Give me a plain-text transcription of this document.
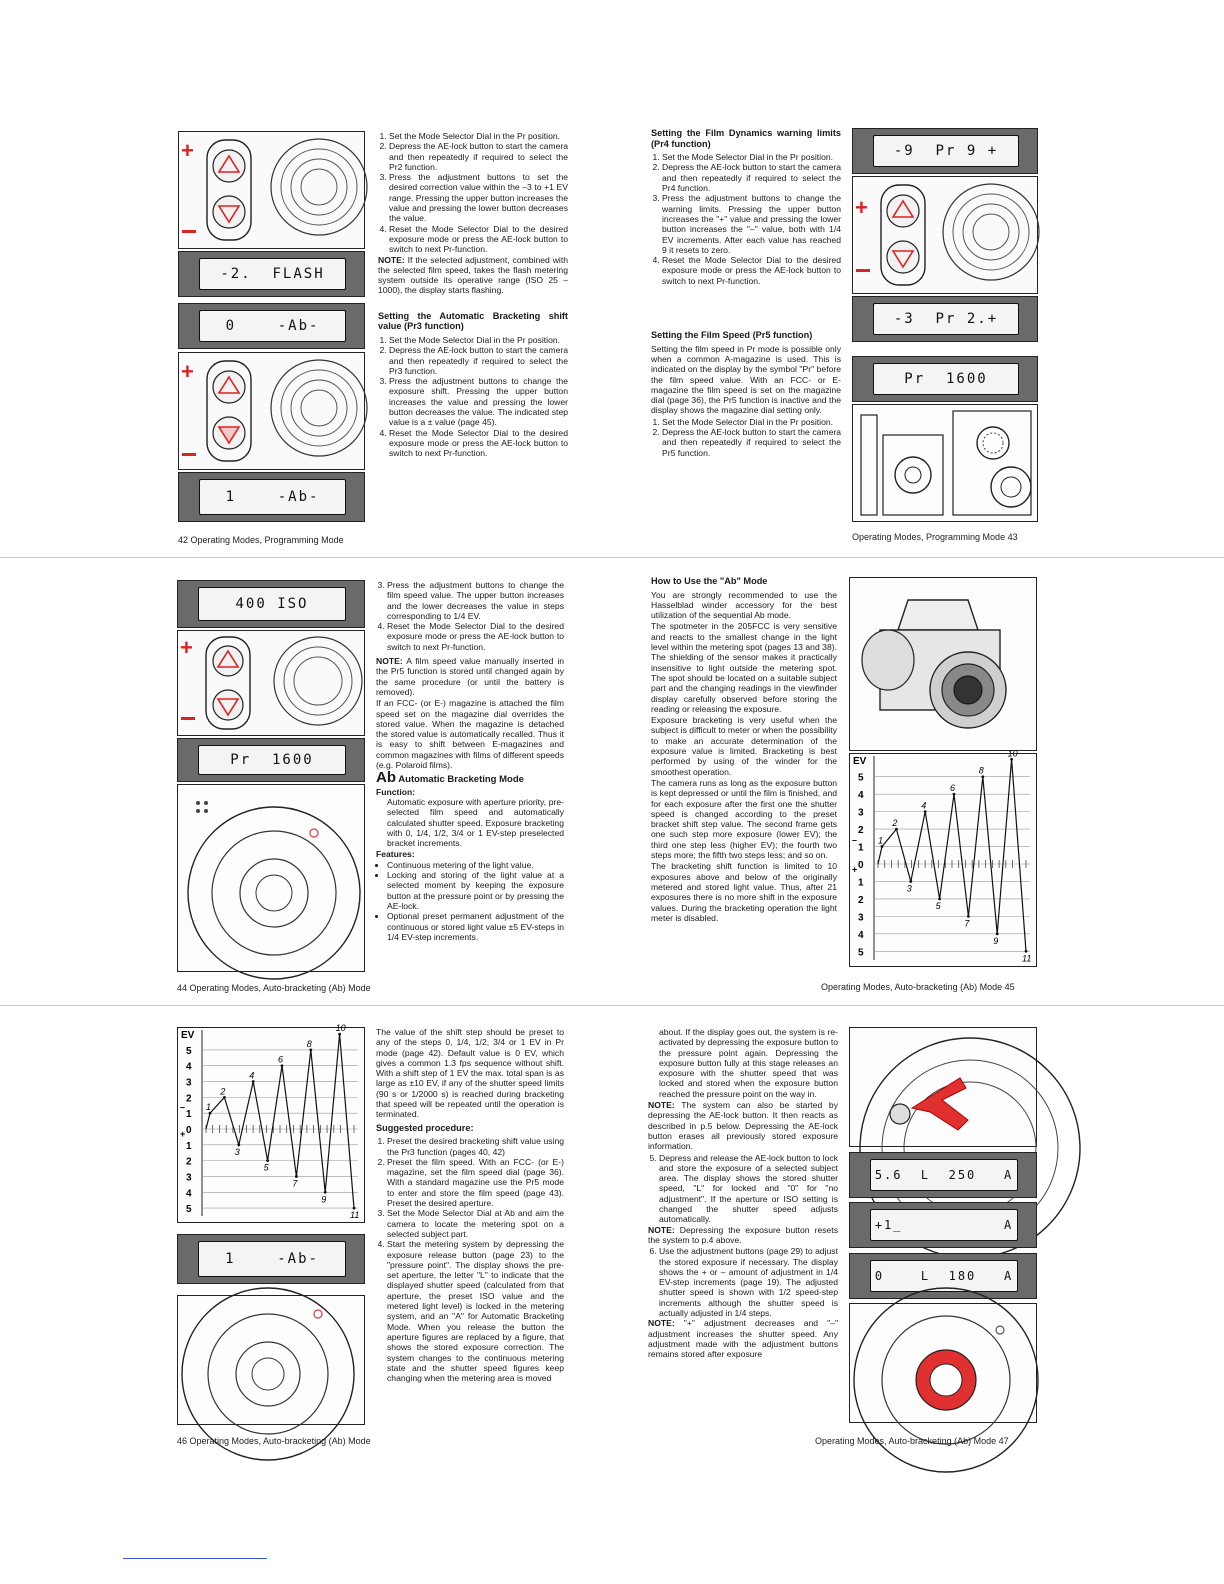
+
-2.  FLASH
0    -Ab-
+
1    -Ab-
1. Set the Mode Selector Dial in the Pr position.
2. Depress the AE-lock button to start the camera and then repeatedly if required to select the Pr2 function.
3. Press the adjustment buttons to set the desired correction value within the –3 to +1 EV range. Pressing the upper button increases the value and pressing the lower button decreases the value.
4. Reset the Mode Selector Dial to the desired exposure mode or press the AE-lock button to switch to next Pr-function.

NOTE: If the selected adjustment, combined with the selected film speed, takes the flash metering system outside its operative range (ISO 25 – 1000), the display starts flashing.

Setting the Automatic Bracketing shift value (Pr3 function)
1. Set the Mode Selector Dial in the Pr position.
2. Depress the AE-lock button to start the camera and then repeatedly if required to select the Pr3 function.
3. Press the adjustment buttons to change the exposure shift. Pressing the upper button increases the value and pressing the lower button decreases the value. The indicated step value is a ± value (page 45).
4. Reset the Mode Selector Dial to the desired exposure mode or press the AE-lock button to switch to next Pr-function.
42 Operating Modes, Programming Mode
Setting the Film Dynamics warning limits (Pr4 function)
1. Set the Mode Selector Dial in the Pr position.
2. Depress the AE-lock button to start the camera and then repeatedly if required to select the Pr4 function.
3. Press the adjustment buttons to change the warning limits. Pressing the upper button increases the "+" value and pressing the lower button increases the "–" value, both with 1/4 EV increments. After each value has reached 9 it resets to zero.
4. Reset the Mode Selector Dial to the desired exposure mode or press the AE-lock button to switch to next Pr-function.
Setting the Film Speed (Pr5 function)

Setting the film speed in Pr mode is possible only when a common A-magazine is used. This is indicated on the display by the symbol "Pr" before the film speed value. With an FCC- or E-magazine the film speed is set on the magazine dial (page 36), the Pr5 function is inactive and the display shows the magazine dial setting only.

1. Set the Mode Selector Dial in the Pr position.
2. Depress the AE-lock button to start the camera and then repeatedly if required to select the Pr5 function.
-9  Pr 9 +
+
-3  Pr 2.+
Pr  1600
Operating Modes, Programming Mode 43
400 ISO
+
Pr  1600
3. Press the adjustment buttons to change the film speed value. The upper button increases and the lower decreases the value in steps corresponding to 1/4 EV.
4. Reset the Mode Selector Dial to the desired exposure mode or press the AE-lock button to switch to next Pr-function.

NOTE: A film speed value manually inserted in the Pr5 function is stored until changed again by the same procedure (or until the battery is removed).

If an FCC- (or E-) magazine is attached the film speed set on the magazine dial overrides the stored value. When the magazine is detached the stored value is automatically recalled. Thus it is easy to shift between E-magazines and common magazines with films of different speeds (e.g. Polaroid films).

Ab Automatic Bracketing Mode
Function:

Automatic exposure with aperture priority, pre-selected film speed and automatically calculated shutter speed. Exposure bracketing with 0, 1/4, 1/2, 3/4 or 1 EV-step preselected bracket increments.

Features:
• Continuous metering of the light value.
• Locking and storing of the light value at a selected moment by keeping the exposure button at the pressure point or by pressing the AE-lock.
• Optional preset permanent adjustment of the continuous or stored light value ±5 EV-steps in 1/4 EV-step increments.
44 Operating Modes, Auto-bracketing (Ab) Mode
How to Use the "Ab" Mode

You are strongly recommended to use the Hasselblad winder accessory for the best utilization of the sequential Ab mode.

The spotmeter in the 205FCC is very sensitive and reacts to the smallest change in the light level within the metering spot (pages 13 and 38). The shielding of the sensor makes it practically insensitive to light outside the metering spot. The spot should be located on a suitable subject part and the changing readings in the viewfinder display carefully observed before storing the reading or releasing the exposure.

Exposure bracketing is very useful when the subject is difficult to meter or when the possibility to make an accurate determination of the exposure value is limited. Bracketing is best performed by using of the winder for the smoothest operation.

The camera runs as long as the exposure button is kept depressed or until the film is finished, and for each exposure after the first one the shutter speed is changed according to the preset bracket shift step value. The second frame gets one such step more exposure (lower EV); the third one step less (higher EV); the fourth two steps more; the fifth two steps less; and so on.

The bracketing shift function is limited to 10 exposures above and below of the originally metered and stored light value. Thus, after 21 exposures there is no more shift in the exposure values. During the bracketing operation the light meter is disabled.

EV
5
4
3
2
1
0
1
2
3
4
5
–
+
1
2
3
4
5
6
7
8
9
10
11
Operating Modes, Auto-bracketing (Ab) Mode 45
EV
5
4
3
2
1
0
1
2
3
4
5
–
+
1
2
3
4
5
6
7
8
9
10
11
1    -Ab-

The value of the shift step should be preset to any of the steps 0, 1/4, 1/2, 3/4 or 1 EV in Pr mode (page 42). Default value is 0 EV, which gives a common 1.3 fps sequence without shift. With a shift step of 1 EV the max. total span is as large as ±10 EV, if any of the shutter speed limits (90 s or 1/2000 s) is reached during bracketing that speed will be repeated until the operation is terminated.

Suggested procedure:
1. Preset the desired bracketing shift value using the Pr3 function (pages 40, 42)
2. Preset the film speed. With an FCC- (or E-) magazine, set the film speed dial (page 36). With a standard magazine use the Pr5 mode to enter and store the film speed (page 43). Preset the desired aperture.
3. Set the Mode Selector Dial at Ab and aim the camera to locate the metering spot on a selected subject part.
4. Start the metering system by depressing the exposure release button (page 23) to the "pressure point". The display shows the pre-set aperture, the letter "L" to indicate that the displayed shutter speed (calculated from that aperture, the preset ISO value and the metered light level) is locked in the metering system, and an "A" for Automatic Bracketing Mode. When you release the button the aperture figures are replaced by a figure, that shows the stored exposure correction. The system changes to the continuous metering state and the shutter speed figures keep changing when the metering area is moved
46 Operating Modes, Auto-bracketing (Ab) Mode

about. If the display goes out, the system is re-activated by depressing the exposure button to the pressure point again. Depressing the exposure button fully at this stage releases an exposure with the shutter speed that was locked and stored when the exposure button reached the pressure point on the way in.

NOTE: The system can also be started by depressing the AE-lock button. It then reacts as described in p.5 below. Depressing the AE-lock button erases all previously stored exposure information.

5. Depress and release the AE-lock button to lock and store the exposure of a selected subject area. The display shows the stored shutter speed, "L" for locked and "0" for "no adjustment". If the aperture or ISO setting is changed the shutter speed adjusts automatically.

NOTE: Depressing the exposure button resets the system to p.4 above.

6. Use the adjustment buttons (page 29) to adjust the stored exposure if necessary. The display shows the + or – amount of adjustment in 1/4 EV-step increments (page 19). The adjusted shutter speed is shown with 1/2 speed-step increments although the shutter speed is actually adjusted in 1/4 steps.

NOTE: "+" adjustment decreases and "–" adjustment increases the shutter speed. Any adjustment made with the adjustment buttons remains stored after exposure

5.6  L  250   A
+1_           A
0    L  180   A
Operating Modes, Auto-bracketing (Ab) Mode 47
